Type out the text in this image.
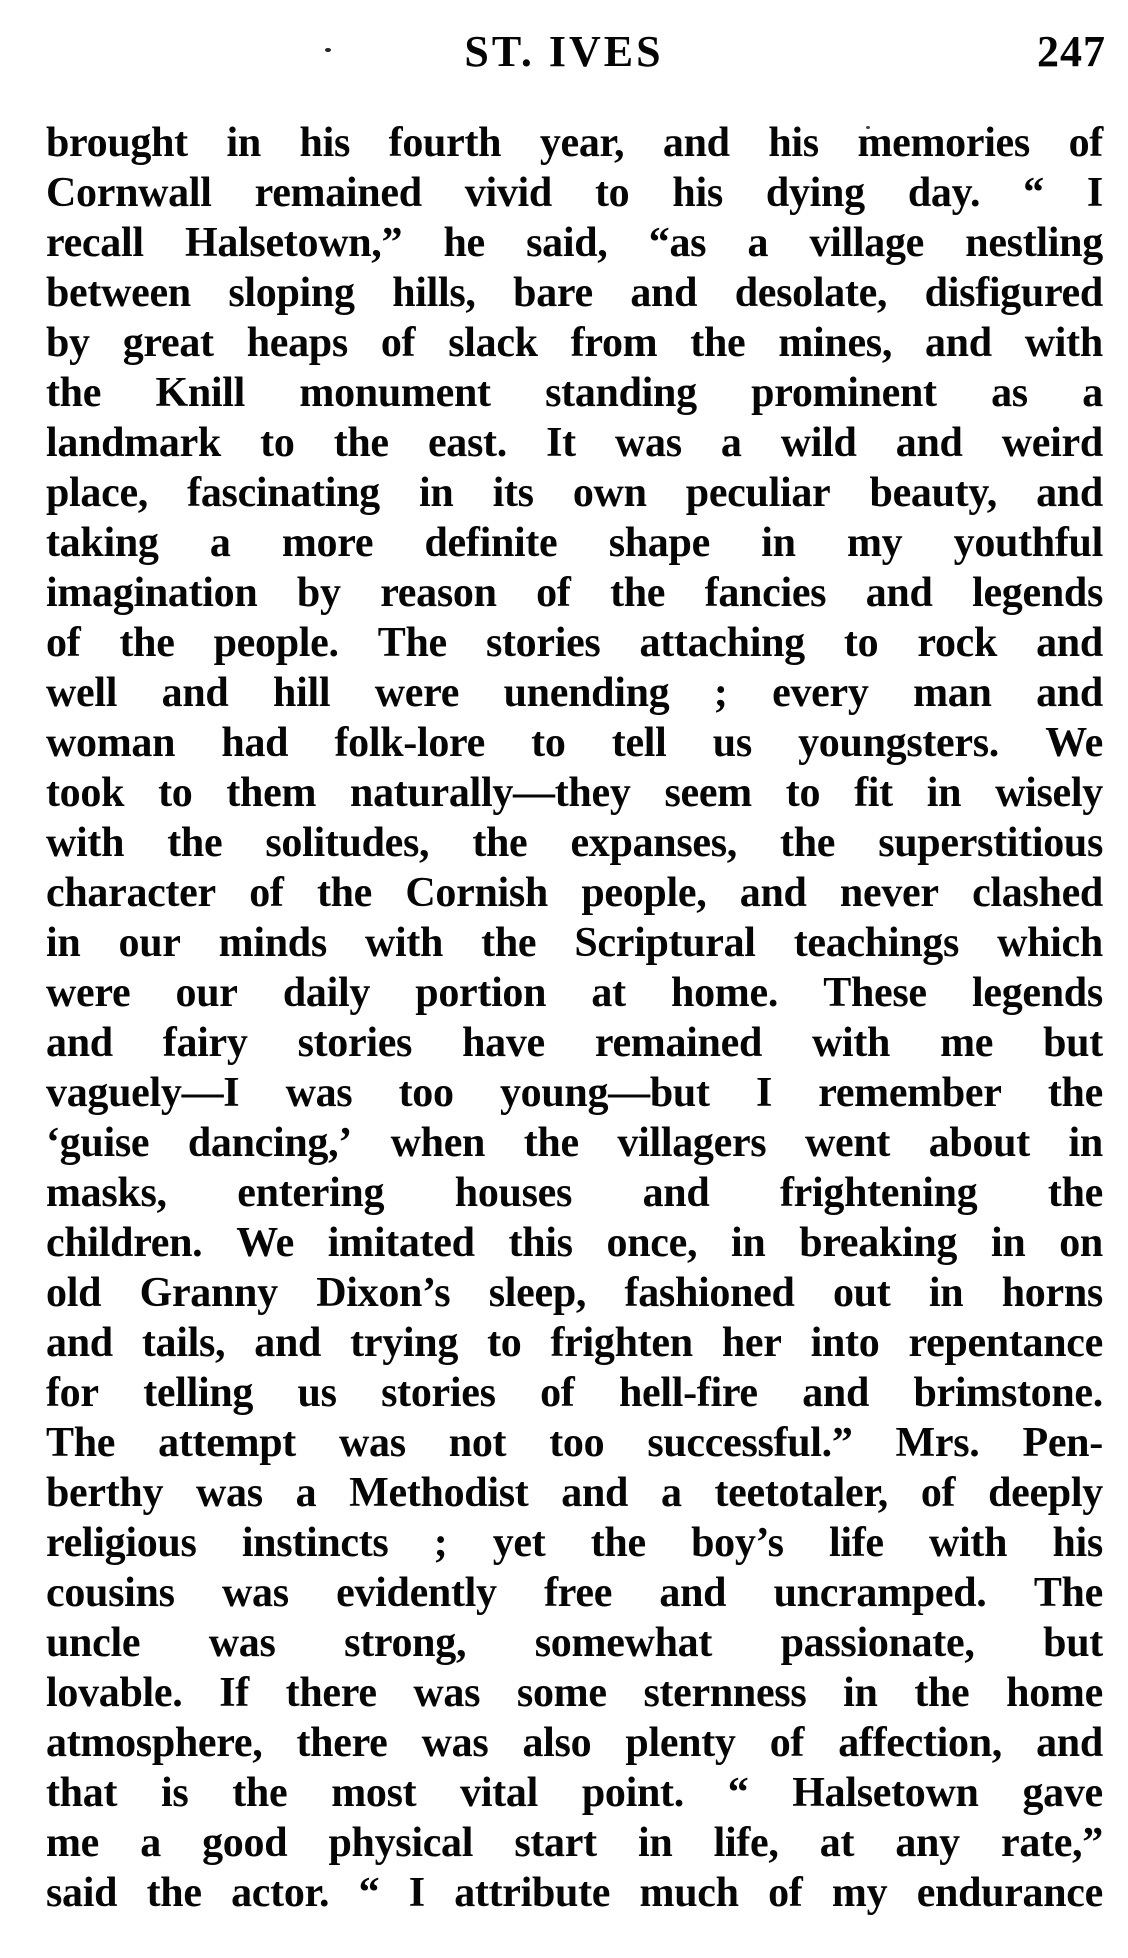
ST. IVES	247
brought in his fourth year, and his memories of
Cornwall remained vivid to his dying day. “ I
recall Halsetown,” he said, “as a village nestling
between sloping hills, bare and desolate, disfigured
by great heaps of slack from the mines, and with
the Knill monument standing prominent as a
landmark to the east. It was a wild and weird
place, fascinating in its own peculiar beauty, and
taking a more definite shape in my youthful
imagination by reason of the fancies and legends
of the people. The stories attaching to rock and
well and hill were unending ; every man and
woman had folk-lore to tell us youngsters. We
took to them naturally—they seem to fit in wisely
with the solitudes, the expanses, the superstitious
character of the Cornish people, and never clashed
in our minds with the Scriptural teachings which
were our daily portion at home. These legends
and fairy stories have remained with me but
vaguely—I was too young—but I remember the
‘guise dancing,’ when the villagers went about in
masks, entering houses and frightening the
children. We imitated this once, in breaking in on
old Granny Dixon’s sleep, fashioned out in horns
and tails, and trying to frighten her into repentance
for telling us stories of hell-fire and brimstone.
The attempt was not too successful.” Mrs. Pen-
berthy was a Methodist and a teetotaler, of deeply
religious instincts ; yet the boy’s life with his
cousins was evidently free and uncramped. The
uncle was strong, somewhat passionate, but
lovable. If there was some sternness in the home
atmosphere, there was also plenty of affection, and
that is the most vital point. “ Halsetown gave
me a good physical start in life, at any rate,”
said the actor. “ I attribute much of my endurance
